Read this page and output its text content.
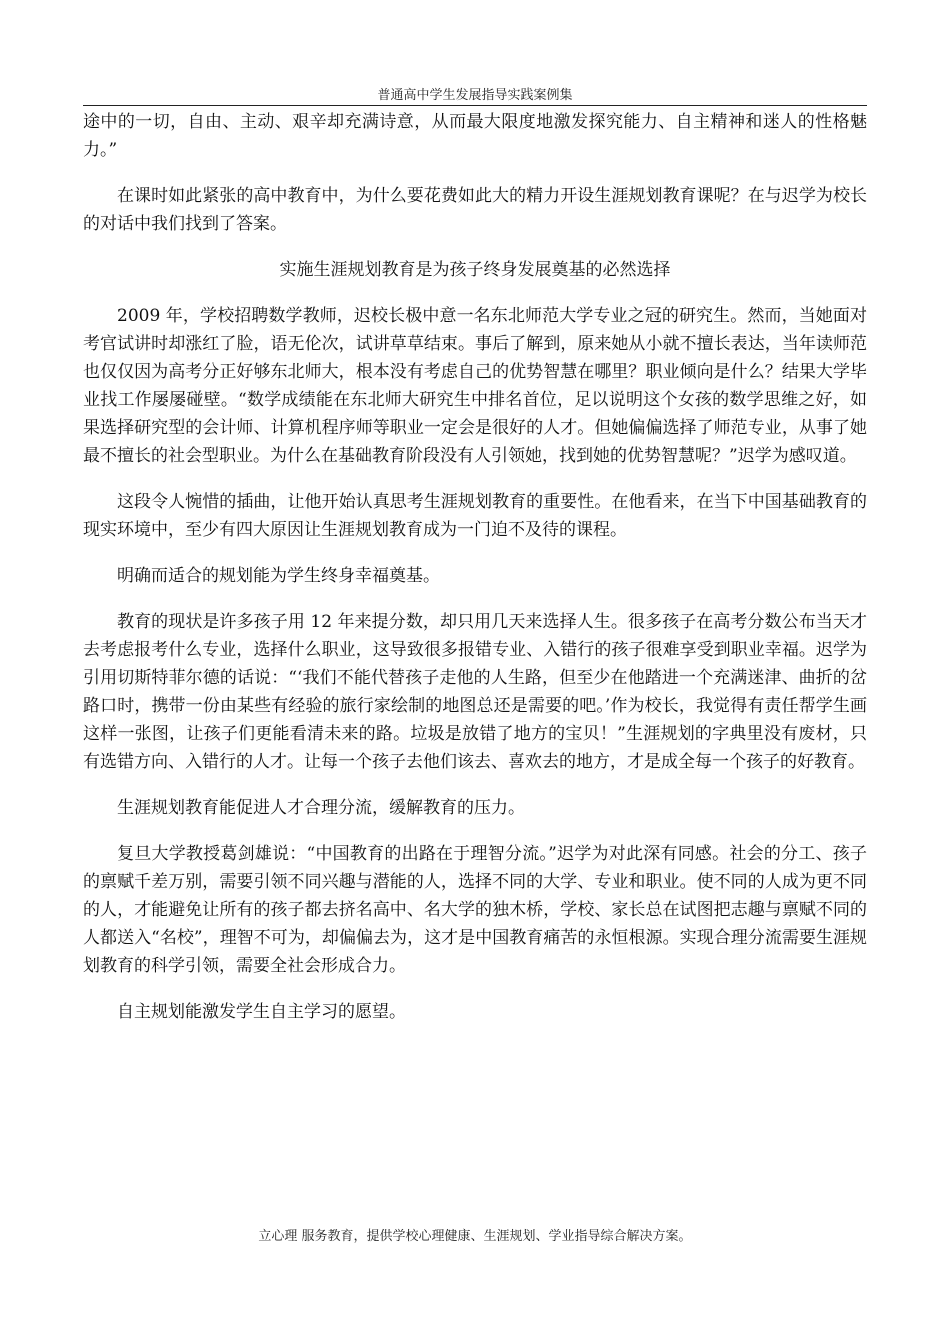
普通高中学生发展指导实践案例集

途中的一切，自由、主动、艰辛却充满诗意，从而最大限度地激发探究能力、自主精神和迷人的性格魅力。”

在课时如此紧张的高中教育中，为什么要花费如此大的精力开设生涯规划教育课呢？在与迟学为校长的对话中我们找到了答案。

实施生涯规划教育是为孩子终身发展奠基的必然选择

2009 年，学校招聘数学教师，迟校长极中意一名东北师范大学专业之冠的研究生。然而，当她面对考官试讲时却涨红了脸，语无伦次，试讲草草结束。事后了解到，原来她从小就不擅长表达，当年读师范也仅仅因为高考分正好够东北师大，根本没有考虑自己的优势智慧在哪里？职业倾向是什么？结果大学毕业找工作屡屡碰壁。“数学成绩能在东北师大研究生中排名首位，足以说明这个女孩的数学思维之好，如果选择研究型的会计师、计算机程序师等职业一定会是很好的人才。但她偏偏选择了师范专业，从事了她最不擅长的社会型职业。为什么在基础教育阶段没有人引领她，找到她的优势智慧呢？”迟学为感叹道。

这段令人惋惜的插曲，让他开始认真思考生涯规划教育的重要性。在他看来，在当下中国基础教育的现实环境中，至少有四大原因让生涯规划教育成为一门迫不及待的课程。

明确而适合的规划能为学生终身幸福奠基。

教育的现状是许多孩子用 12 年来提分数，却只用几天来选择人生。很多孩子在高考分数公布当天才去考虑报考什么专业，选择什么职业，这导致很多报错专业、入错行的孩子很难享受到职业幸福。迟学为引用切斯特菲尔德的话说：“‘我们不能代替孩子走他的人生路，但至少在他踏进一个充满迷津、曲折的岔路口时，携带一份由某些有经验的旅行家绘制的地图总还是需要的吧。’作为校长，我觉得有责任帮学生画这样一张图，让孩子们更能看清未来的路。垃圾是放错了地方的宝贝！”生涯规划的字典里没有废材，只有选错方向、入错行的人才。让每一个孩子去他们该去、喜欢去的地方，才是成全每一个孩子的好教育。

生涯规划教育能促进人才合理分流，缓解教育的压力。

复旦大学教授葛剑雄说：“中国教育的出路在于理智分流。”迟学为对此深有同感。社会的分工、孩子的禀赋千差万别，需要引领不同兴趣与潜能的人，选择不同的大学、专业和职业。使不同的人成为更不同的人，才能避免让所有的孩子都去挤名高中、名大学的独木桥，学校、家长总在试图把志趣与禀赋不同的人都送入“名校”，理智不可为，却偏偏去为，这才是中国教育痛苦的永恒根源。实现合理分流需要生涯规划教育的科学引领，需要全社会形成合力。

自主规划能激发学生自主学习的愿望。

立心理 服务教育，提供学校心理健康、生涯规划、学业指导综合解决方案。
